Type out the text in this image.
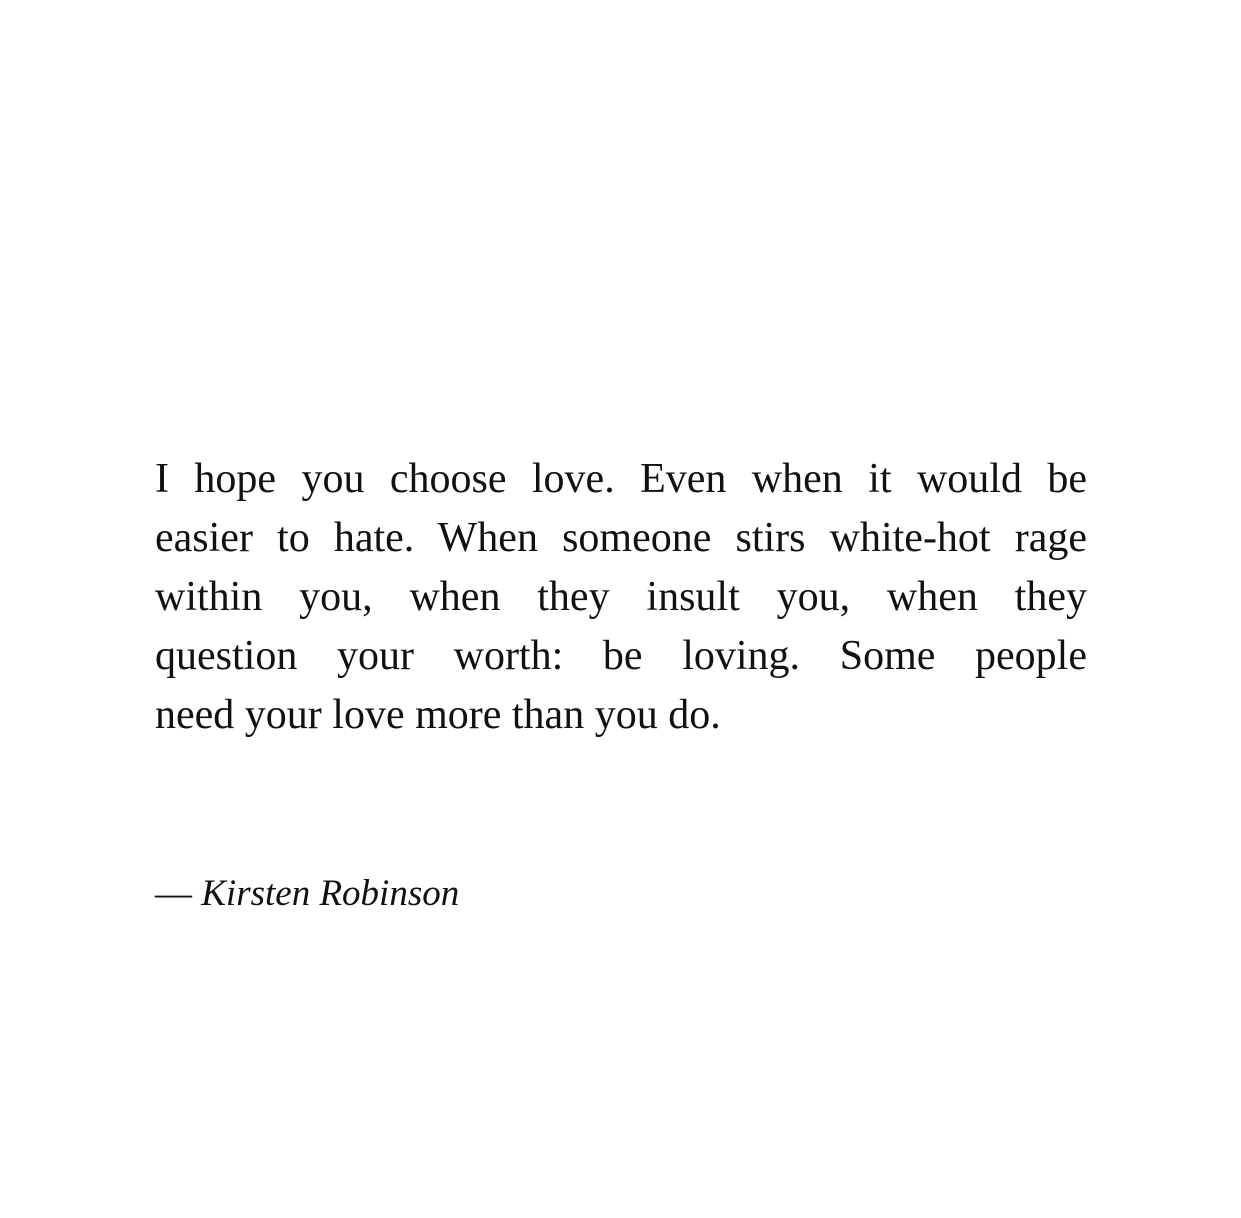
I hope you choose love. Even when it would be
easier to hate. When someone stirs white-hot rage
within you, when they insult you, when they
question your worth: be loving. Some people
need your love more than you do.

— Kirsten Robinson
